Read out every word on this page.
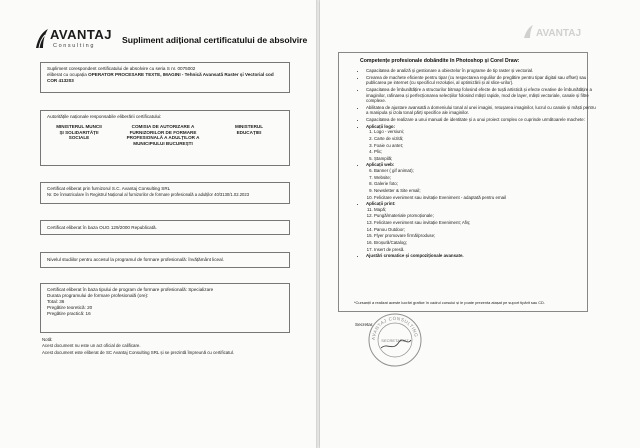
AVANTAJ
Consulting
Supliment adițional certificatului de absolvire
Supliment corespondent certificatului de absolvire cu seria S nr. 0075002
eliberat cu ocupația OPERATOR PROCESARE TEXTE, IMAGINI - Tehnică Avansată Raster și Vectorial cod COR 413203
Autoritățile naționale responsabile eliberării certificatului:
MINISTERUL MUNCII ȘI SOLIDARITĂȚII SOCIALE
COMISIA DE AUTORIZARE A FURNIZORILOR DE FORMARE PROFESIONALĂ A ADULȚILOR A MUNICIPIULUI BUCUREȘTI
MINISTERUL EDUCAȚIEI
Certificat eliberat prin furnizorul S.C. Avantaj Consulting SRL
Nr. De înmatriculare în Registrul Național al furnizorilor de formare profesională a adulților 40/3130/1.02.2023
Certificat eliberat în baza OUG 129/2000 Republicată.
Nivelul studiilor pentru accesul la programul de formare profesională: învățământ liceal.
Certificat eliberat în baza tipului de program de formare profesională: Specializare
Durata programului de formare profesională (ore):
Total: 36
Pregătire teoretică: 20
Pregătire practică: 16
Notă:
Acest document nu este un act oficial de calificare.
Acest document este eliberat de SC Avantaj Consulting SRL și se prezintă împreună cu certificatul.
AVANTAJ
Competențe profesionale dobândite în Photoshop și Corel Draw:
• Capacitatea de analiză și gestionare a obiectelor în programe de tip raster și vectorial.
• Crearea de machete eficiente pentru tipar (cu respectarea regulilor de pregătire pentru tipar digital sau offset) sau publicarea pe internet (cu specificul rezoluției, al optimizării și al slice-urilor).
• Capacitatea de îmbunătățire a structurilor bitmap folosind efecte de tușă artistică și efecte creative de îmbunătățire a imaginilor, rafinarea și perfecționarea selecțiilor folosind măști rapide, mod de layer, măști vectoriale, canale și filtre complexe.
• Abilitatea de ajustare avansată a domeniului tonal al unei imagini, retușarea imaginilor, lucrul cu canale și măști pentru a manipula și izola tonal părți specifice ale imaginilor.
• Capacitatea de realizare a unui manual de identitate și a unui proiect complex ce cuprinde următoarele machete:
• Aplicații logo:
1. Logo - versiuni;
2. Carte de vizită;
3. Foaie cu antet;
4. Plic;
5. Ștampilă;
• Aplicații web:
6. Banner ( gif animat);
7. Website;
8. Galerie foto;
9. Newsletter & Site email;
10. Felicitare eveniment sau invitație Eveniment - adaptată pentru email
• Aplicații print:
11. Mapă;
12. Pungă/materiale promoționale;
13. Felicitare eveniment sau invitație Eveniment; Afiș;
14. Panou Outdoor;
15. Flyer promovare firmă/produse;
16. Broșură/Catalog;
17. Insert de presă.
• Ajustări cromatice și compoziționale avansate.
*Cursanții a realizat aceste lucrări grafice în cadrul cursului și le poate prezenta atașat pe suport tipărit sau CD.
Secretar,
AVANTAJ CONSULTING
SECRETARIAT
